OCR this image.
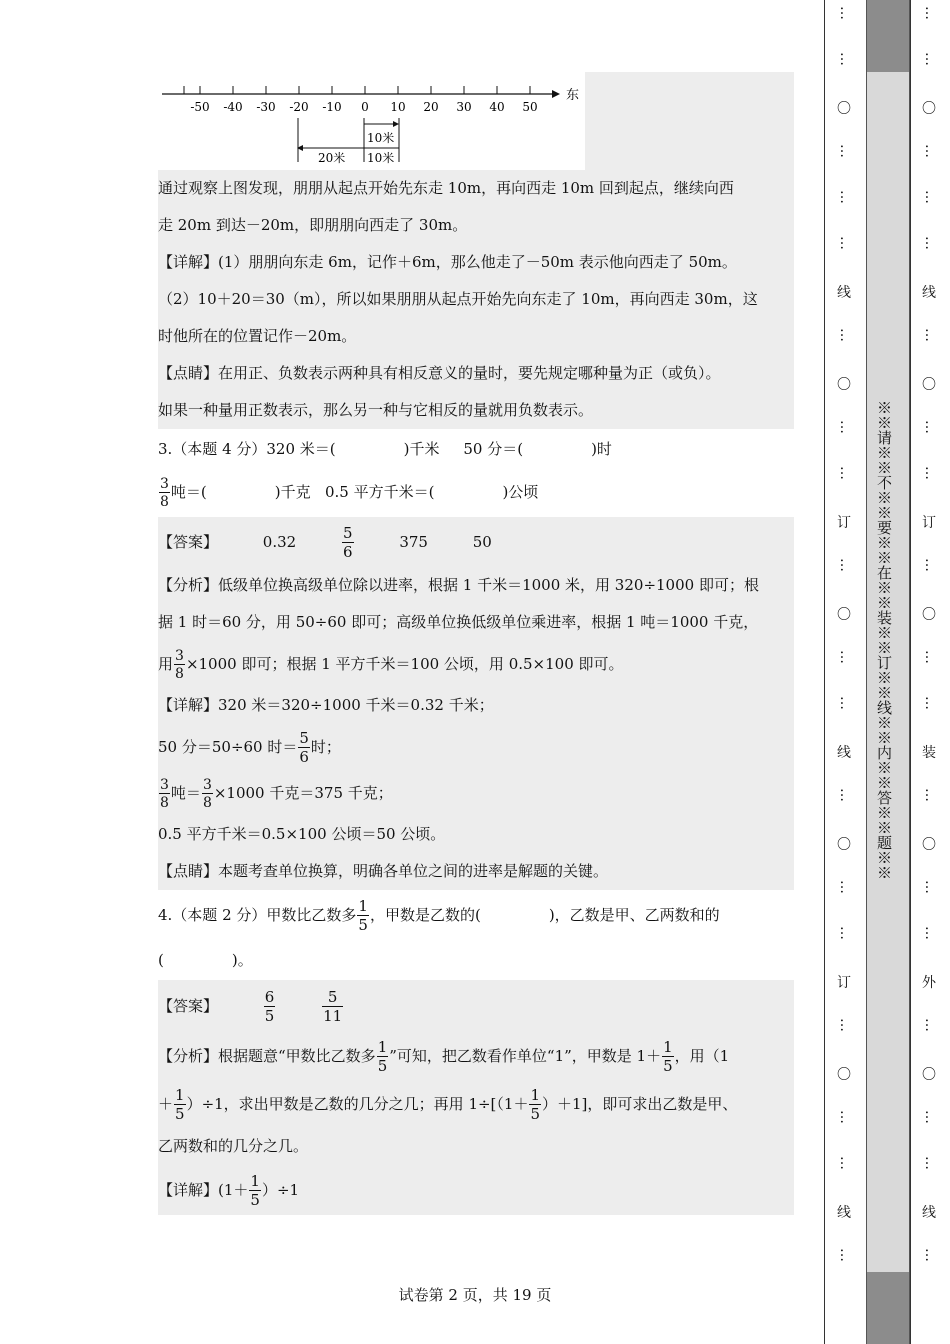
-50 -40 -30 -20 -10 0 10 20 30 40 50
东
10米
20米 10米
通过观察上图发现，朋朋从起点开始先东走 10m，再向西走 10m 回到起点，继续向西
走 20m 到达－20m，即朋朋向西走了 30m。
【详解】(1）朋朋向东走 6m，记作＋6m，那么他走了－50m 表示他向西走了 50m。
（2）10＋20＝30（m），所以如果朋朋从起点开始先向东走了 10m，再向西走 30m，这
时他所在的位置记作－20m。
【点睛】在用正、负数表示两种具有相反意义的量时，要先规定哪种量为正（或负）。
如果一种量用正数表示，那么另一种与它相反的量就用负数表示。
3.（本题 4 分）320 米＝(	)千米 50 分＝(	)时
$\frac{3}{8}$ 吨＝(	)千克 0.5 平方千米＝(	)公顷
【答案】	0.32	$\frac{5}{6}$	375	50
【分析】低级单位换高级单位除以进率，根据 1 千米＝1000 米，用 320÷1000 即可；根
据 1 时＝60 分，用 50÷60 即可；高级单位换低级单位乘进率，根据 1 吨＝1000 千克，
用 $\frac{3}{8} \times 1000$ 即可；根据 1 平方千米＝100 公顷，用 0.5×100 即可。
【详解】320 米＝320÷1000 千米＝0.32 千米；
50 分＝50÷60 时＝ $\frac{5}{6}$ 时；
$\frac{3}{8}$ 吨＝ $\frac{3}{8} \times 1000$ 千克＝375 千克；
0.5 平方千米＝0.5×100 公顷＝50 公顷。
【点睛】本题考查单位换算，明确各单位之间的进率是解题的关键。
4.（本题 2 分）甲数比乙数多 $\frac{1}{5}$ ，甲数是乙数的(	)，乙数是甲、乙两数和的
(	)。
【答案】	$\frac{6}{5}$
	$\frac{5}{11}$
【分析】根据题意“甲数比乙数多 $\frac{1}{5}$ ”可知，把乙数看作单位“1”，甲数是 $1+ \frac{1}{5}$ ，用（1
＋ $\frac{1}{5} )\div 1$，求出甲数是乙数的几分之几；再用 $1\div[(1+ \frac{1}{5} )+1]$，即可求出乙数是甲、
乙两数和的几分之几。
【详解】$(1+ \frac{1}{5} )\div 1$
试卷第 2 页，共 19 页
※※请※※不※※要※※在※※装※※订※※线※※内※※答※※题※※
…
…
〇
…
…
…
线
…
〇
…
…
订
…
〇
…
…
线
…
〇
…
…
订
…
〇
…
…
线
…
…
…
〇
…
…
…
线
…
〇
…
…
订
…
〇
…
…
装
…
〇
…
…
外
…
〇
…
…
线
…
